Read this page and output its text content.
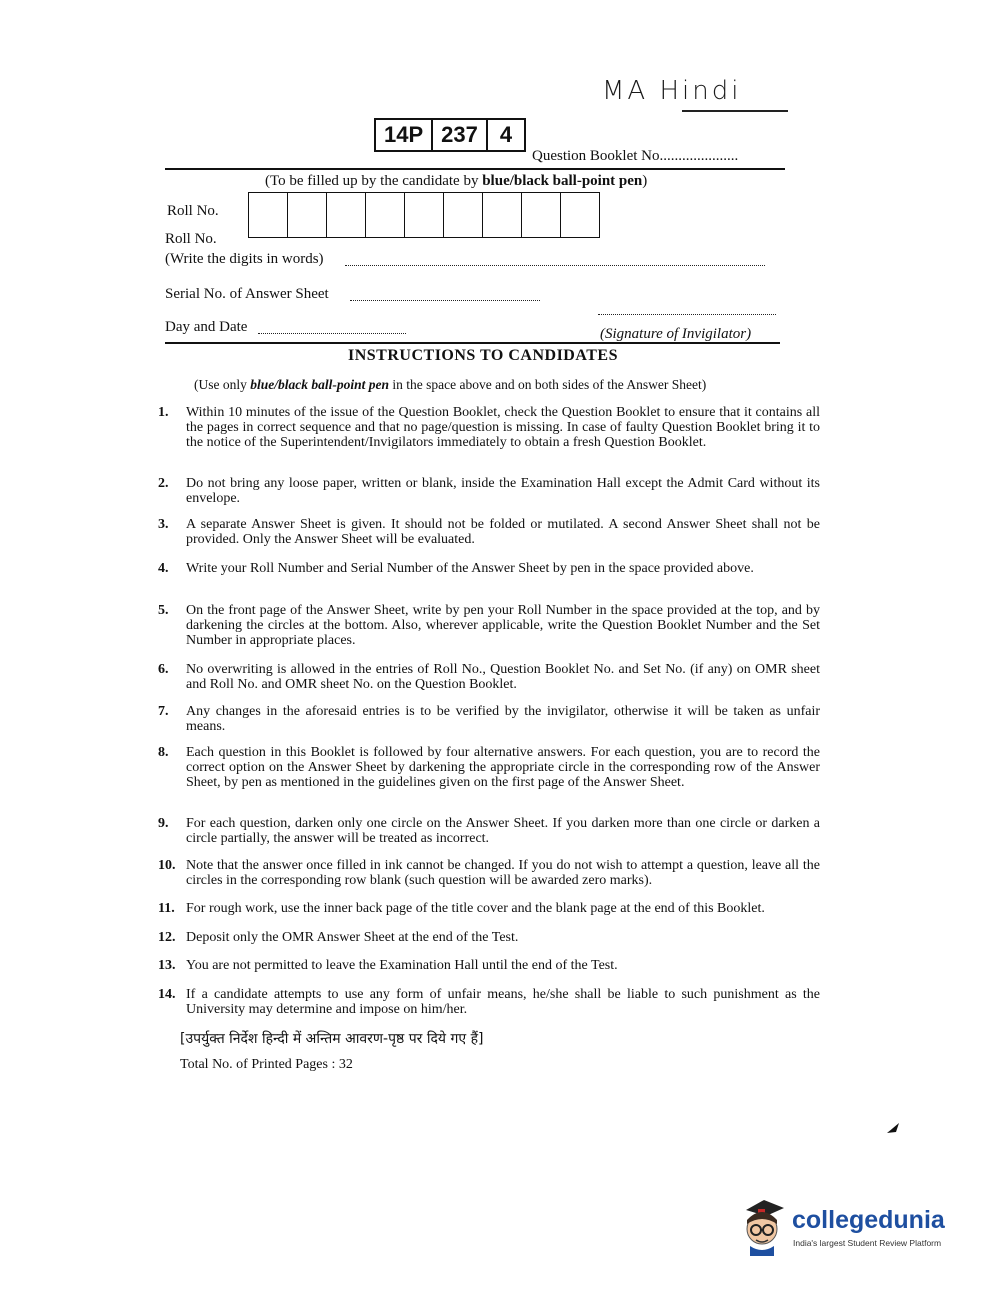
MA Hindi
14P 237	4
Question Booklet No.....................
(To be filled up by the candidate by blue/black ball-point pen)
Roll No.
Roll No.
(Write the digits in words)
Serial No. of Answer Sheet
Day and Date	(Signature of Invigilator)
INSTRUCTIONS TO CANDIDATES
(Use only blue/black ball-point pen in the space above and on both sides of the Answer Sheet)
1. Within 10 minutes of the issue of the Question Booklet, check the Question Booklet to ensure that it contains all the pages in correct sequence and that no page/question is missing. In case of faulty Question Booklet bring it to the notice of the Superintendent/Invigilators immediately to obtain a fresh Question Booklet.
2. Do not bring any loose paper, written or blank, inside the Examination Hall except the Admit Card without its envelope.
3. A separate Answer Sheet is given. It should not be folded or mutilated. A second Answer Sheet shall not be provided. Only the Answer Sheet will be evaluated.
4. Write your Roll Number and Serial Number of the Answer Sheet by pen in the space provided above.
5. On the front page of the Answer Sheet, write by pen your Roll Number in the space provided at the top, and by darkening the circles at the bottom. Also, wherever applicable, write the Question Booklet Number and the Set Number in appropriate places.
6. No overwriting is allowed in the entries of Roll No., Question Booklet No. and Set No. (if any) on OMR sheet and Roll No. and OMR sheet No. on the Question Booklet.
7. Any changes in the aforesaid entries is to be verified by the invigilator, otherwise it will be taken as unfair means.
8. Each question in this Booklet is followed by four alternative answers. For each question, you are to record the correct option on the Answer Sheet by darkening the appropriate circle in the corresponding row of the Answer Sheet, by pen as mentioned in the guidelines given on the first page of the Answer Sheet.
9. For each question, darken only one circle on the Answer Sheet. If you darken more than one circle or darken a circle partially, the answer will be treated as incorrect.
10. Note that the answer once filled in ink cannot be changed. If you do not wish to attempt a question, leave all the circles in the corresponding row blank (such question will be awarded zero marks).
11. For rough work, use the inner back page of the title cover and the blank page at the end of this Booklet.
12. Deposit only the OMR Answer Sheet at the end of the Test.
13. You are not permitted to leave the Examination Hall until the end of the Test.
14. If a candidate attempts to use any form of unfair means, he/she shall be liable to such punishment as the University may determine and impose on him/her.
[उपर्युक्त निर्देश हिन्दी में अन्तिम आवरण-पृष्ठ पर दिये गए हैं]
Total No. of Printed Pages : 32
collegedunia
India's largest Student Review Platform
